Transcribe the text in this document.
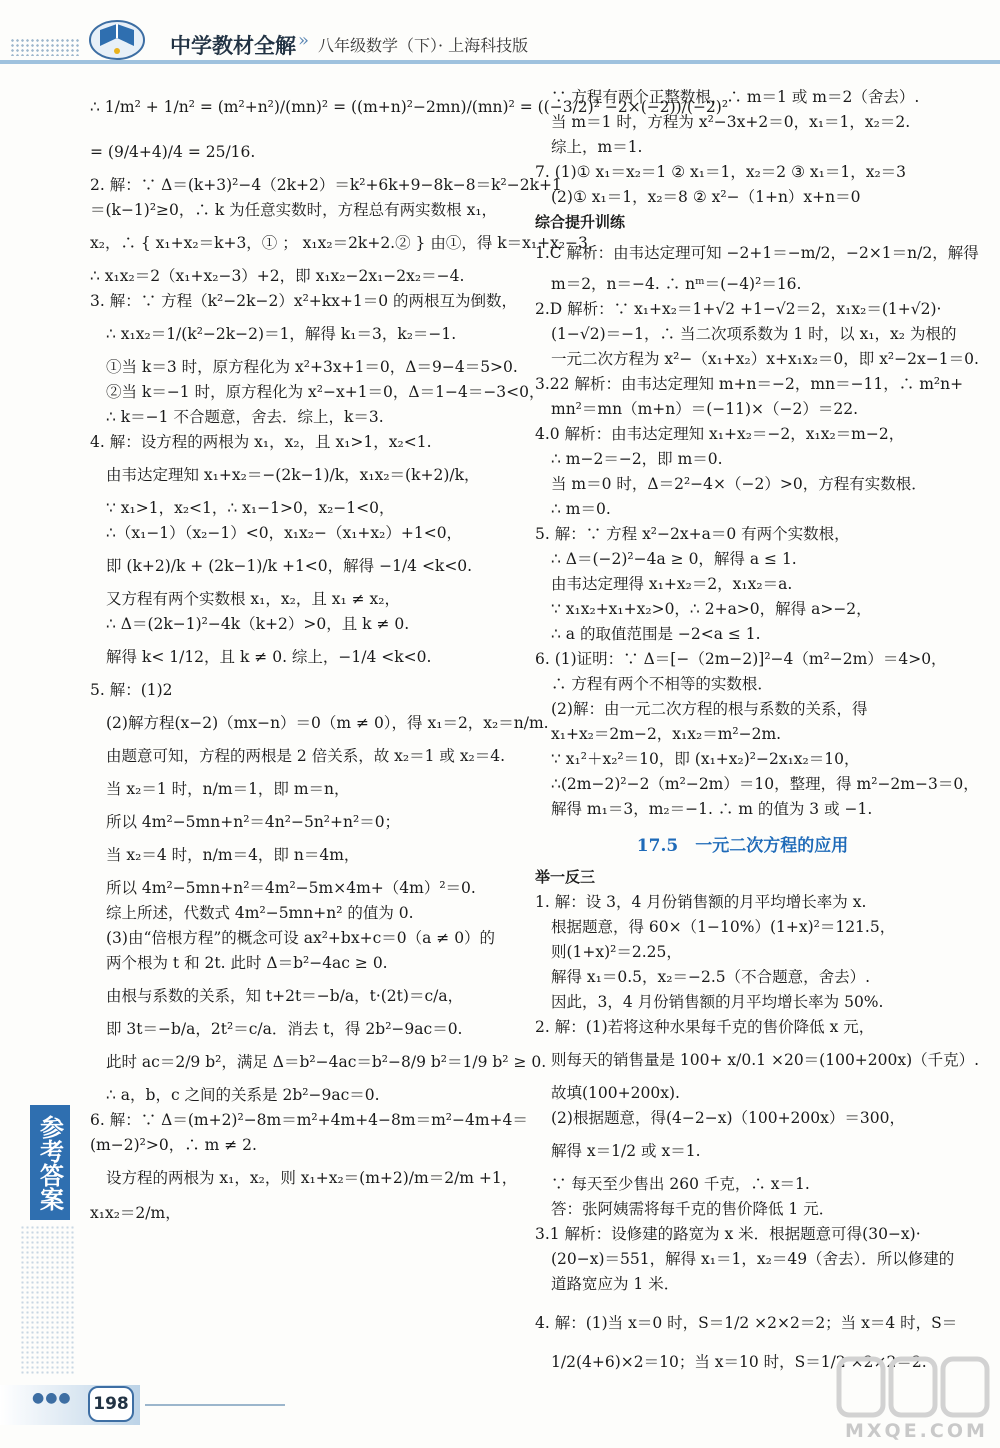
中学教材全解 » 八年级数学（下）· 上海科技版
∴ 1/m² + 1/n² = (m²+n²)/(mn)² = ((m+n)²−2mn)/(mn)² = ((−3/2)² −2×(−2))/(−2)²
= (9/4+4)/4 = 25/16.
2. 解：∵ Δ＝(k+3)²−4（2k+2）＝k²+6k+9−8k−8＝k²−2k+1
＝(k−1)²≥0，∴ k 为任意实数时，方程总有两实数根 x₁，
x₂，∴ { x₁+x₂＝k+3，① ； x₁x₂＝2k+2.② } 由①，得 k＝x₁+x₂−3，
∴ x₁x₂＝2（x₁+x₂−3）+2，即 x₁x₂−2x₁−2x₂＝−4.
3. 解：∵ 方程（k²−2k−2）x²+kx+1＝0 的两根互为倒数，
∴ x₁x₂＝1/(k²−2k−2)＝1，解得 k₁＝3，k₂＝−1.
①当 k＝3 时，原方程化为 x²+3x+1＝0，Δ＝9−4＝5>0.
②当 k＝−1 时，原方程化为 x²−x+1＝0，Δ＝1−4＝−3<0，
∴ k＝−1 不合题意，舍去．综上，k＝3.
4. 解：设方程的两根为 x₁，x₂，且 x₁>1，x₂<1.
由韦达定理知 x₁+x₂＝−(2k−1)/k，x₁x₂＝(k+2)/k，
∵ x₁>1，x₂<1，∴ x₁−1>0，x₂−1<0，
∴（x₁−1）（x₂−1）<0，x₁x₂−（x₁+x₂）+1<0，
即 (k+2)/k + (2k−1)/k +1<0，解得 −1/4 <k<0.
又方程有两个实数根 x₁，x₂，且 x₁ ≠ x₂，
∴ Δ＝(2k−1)²−4k（k+2）>0，且 k ≠ 0.
解得 k< 1/12，且 k ≠ 0. 综上，−1/4 <k<0.
5. 解：(1)2
(2)解方程(x−2)（mx−n）＝0（m ≠ 0），得 x₁＝2，x₂＝n/m.
由题意可知，方程的两根是 2 倍关系，故 x₂＝1 或 x₂＝4.
当 x₂＝1 时，n/m＝1，即 m＝n，
所以 4m²−5mn+n²＝4n²−5n²+n²＝0；
当 x₂＝4 时，n/m＝4，即 n＝4m，
所以 4m²−5mn+n²＝4m²−5m×4m+（4m）²＝0.
综上所述，代数式 4m²−5mn+n² 的值为 0.
(3)由“倍根方程”的概念可设 ax²+bx+c＝0（a ≠ 0）的
两个根为 t 和 2t. 此时 Δ＝b²−4ac ≥ 0.
由根与系数的关系，知 t+2t＝−b/a，t·(2t)＝c/a，
即 3t＝−b/a，2t²＝c/a．消去 t，得 2b²−9ac＝0.
此时 ac＝2/9 b²，满足 Δ＝b²−4ac＝b²−8/9 b²＝1/9 b² ≥ 0.
∴ a，b，c 之间的关系是 2b²−9ac＝0.
6. 解：∵ Δ＝(m+2)²−8m＝m²+4m+4−8m＝m²−4m+4＝
(m−2)²>0，∴ m ≠ 2.
设方程的两根为 x₁，x₂，则 x₁+x₂＝(m+2)/m＝2/m +1，
x₁x₂＝2/m，
∵ 方程有两个正整数根，∴ m＝1 或 m＝2（舍去）.
当 m＝1 时，方程为 x²−3x+2＝0，x₁＝1，x₂＝2.
综上，m＝1.
7. (1)① x₁＝x₂＝1 ② x₁＝1，x₂＝2 ③ x₁＝1，x₂＝3
(2)① x₁＝1，x₂＝8 ② x²−（1+n）x+n＝0
综合提升训练
1.C 解析：由韦达定理可知 −2+1＝−m/2，−2×1＝n/2，解得
m＝2，n＝−4. ∴ nᵐ＝(−4)²＝16.
2.D 解析：∵ x₁+x₂＝1+√2 +1−√2＝2，x₁x₂＝(1+√2)·
(1−√2)＝−1，∴ 当二次项系数为 1 时，以 x₁，x₂ 为根的
一元二次方程为 x²−（x₁+x₂）x+x₁x₂＝0，即 x²−2x−1＝0.
3.22 解析：由韦达定理知 m+n＝−2，mn＝−11，∴ m²n+
mn²＝mn（m+n）＝(−11)×（−2）＝22.
4.0 解析：由韦达定理知 x₁+x₂＝−2，x₁x₂＝m−2，
∴ m−2＝−2，即 m＝0.
当 m＝0 时，Δ＝2²−4×（−2）>0，方程有实数根．
∴ m＝0.
5. 解：∵ 方程 x²−2x+a＝0 有两个实数根，
∴ Δ＝(−2)²−4a ≥ 0，解得 a ≤ 1.
由韦达定理得 x₁+x₂＝2，x₁x₂＝a.
∵ x₁x₂+x₁+x₂>0，∴ 2+a>0，解得 a>−2，
∴ a 的取值范围是 −2<a ≤ 1.
6. (1)证明：∵ Δ＝[−（2m−2)]²−4（m²−2m）＝4>0，
∴ 方程有两个不相等的实数根．
(2)解：由一元二次方程的根与系数的关系，得
x₁+x₂＝2m−2，x₁x₂＝m²−2m.
∵ x₁²＋x₂²＝10，即 (x₁+x₂)²−2x₁x₂＝10，
∴(2m−2)²−2（m²−2m）＝10，整理，得 m²−2m−3＝0，
解得 m₁＝3，m₂＝−1. ∴ m 的值为 3 或 −1.
17.5　一元二次方程的应用
举一反三
1. 解：设 3，4 月份销售额的月平均增长率为 x.
根据题意，得 60×（1−10%）(1+x)²＝121.5，
则(1+x)²＝2.25，
解得 x₁＝0.5，x₂＝−2.5（不合题意，舍去）.
因此，3，4 月份销售额的月平均增长率为 50%.
2. 解：(1)若将这种水果每千克的售价降低 x 元，
则每天的销售量是 100+ x/0.1 ×20＝(100+200x)（千克）.
故填(100+200x).
(2)根据题意，得(4−2−x)（100+200x）＝300，
解得 x＝1/2 或 x＝1.
∵ 每天至少售出 260 千克，∴ x＝1.
答：张阿姨需将每千克的售价降低 1 元．
3.1 解析：设修建的路宽为 x 米．根据题意可得(30−x)·
(20−x)＝551，解得 x₁＝1，x₂＝49（舍去）．所以修建的
道路宽应为 1 米．
4. 解：(1)当 x＝0 时，S＝1/2 ×2×2＝2；当 x＝4 时，S＝
1/2(4+6)×2＝10；当 x＝10 时，S＝1/2 ×2×2＝2.
参考答案
●●●	198
MXQE.COM
